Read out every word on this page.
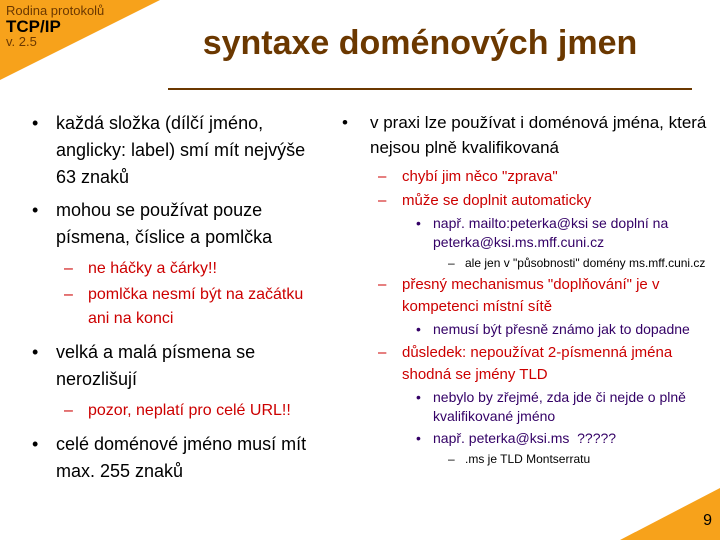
Rodina protokolů
TCP/IP
v. 2.5	syntaxe doménových jmen
• každá složka (dílčí jméno, anglicky: label) smí mít nejvýše 63 znaků
• mohou se používat pouze písmena, číslice a pomlčka
– ne háčky a čárky!!
– pomlčka nesmí být na začátku ani na konci
• velká a malá písmena se nerozlišují
– pozor, neplatí pro celé URL!!
• celé doménové jméno musí mít max. 255 znaků
• v praxi lze používat i doménová jména, která nejsou plně kvalifikovaná
– chybí jim něco "zprava"
– může se doplnit automaticky
• např. mailto:peterka@ksi se doplní na peterka@ksi.ms.mff.cuni.cz
– ale jen v "působnosti" domény ms.mff.cuni.cz
– přesný mechanismus "doplňování" je v kompetenci místní sítě
• nemusí být přesně známo jak to dopadne
– důsledek: nepoužívat 2-písmenná jména shodná se jmény TLD
• nebylo by zřejmé, zda jde či nejde o plně kvalifikované jméno
• např. peterka@ksi.ms  ?????
– .ms je TLD Montserratu
9
